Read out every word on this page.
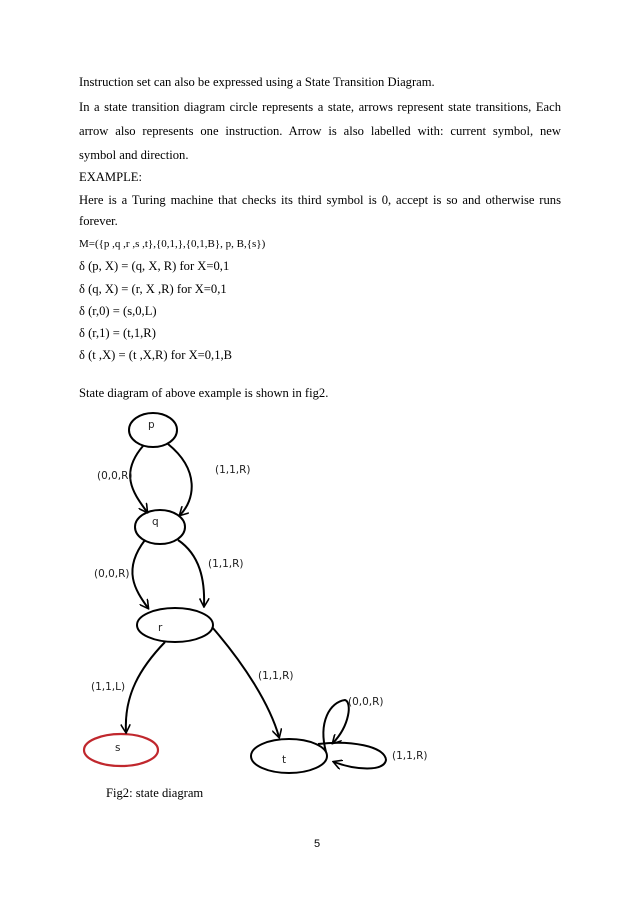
Instruction set can also be expressed using a State Transition Diagram.
In a state transition diagram circle represents a state, arrows represent state transitions, Each
arrow also represents one instruction. Arrow is also labelled with: current symbol, new
symbol and direction.
EXAMPLE:
Here is a Turing machine that checks its third symbol is 0, accept is so and otherwise runs
forever.
M=({p ,q ,r ,s ,t},{0,1,},{0,1,B}, p, B,{s})
δ (p, X) = (q, X, R) for X=0,1
δ (q, X) = (r, X ,R) for X=0,1
δ (r,0) = (s,0,L)
δ (r,1) = (t,1,R)
δ (t ,X) = (t ,X,R) for X=0,1,B
State diagram of above example is shown in fig2.
p
q
r
s
t
(0,0,R)	(1,1,R)
(0,0,R)
(1,1,R)
(1,1,L)
(1,1,R)
(0,0,R)
(1,1,R)
Fig2: state diagram
5
